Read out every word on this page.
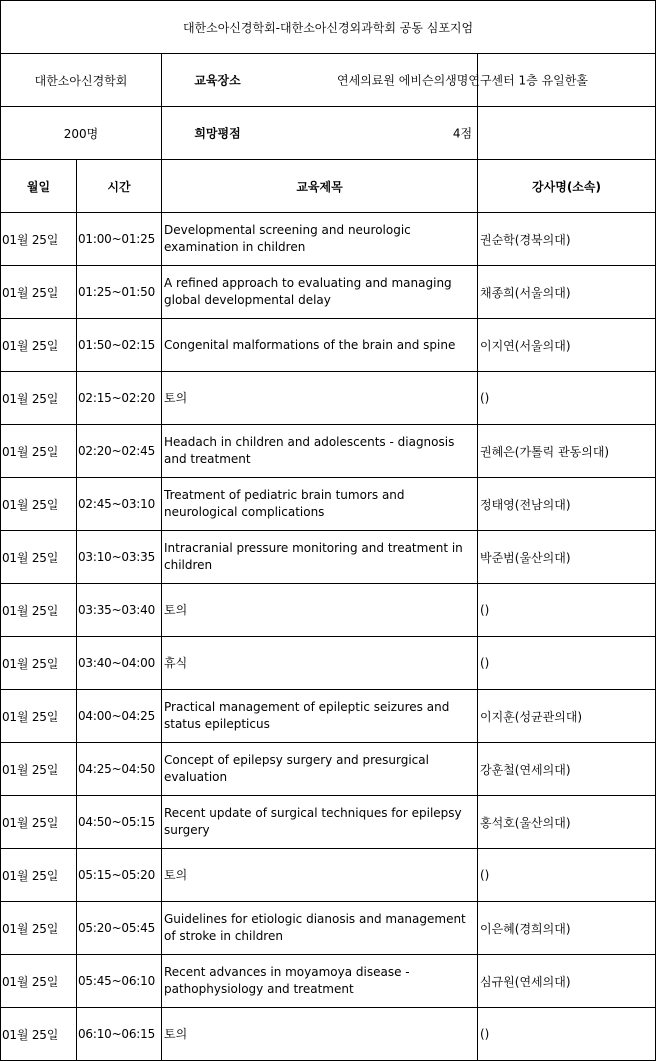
대한소아신경학회-대한소아신경외과학회 공동 심포지엄			
대한소아신경학회		교육장소 연세의료원 에비슨의생명연구센터 1층 유일한홀	

200명		희망평점 4점	

월일	시간	교육제목	강사명(소속)
01월 25일	01:00~01:25	Developmental screening and neurologic examination in children	권순학(경북의대)
01월 25일	01:25~01:50	A refined approach to evaluating and managing global developmental delay	채종희(서울의대)
01월 25일	01:50~02:15	Congenital malformations of the brain and spine	이지연(서울의대)
01월 25일	02:15~02:20	토의	()
01월 25일	02:20~02:45	Headach in children and adolescents - diagnosis and treatment	권혜은(가톨릭 관동의대)
01월 25일	02:45~03:10	Treatment of pediatric brain tumors and neurological complications	정태영(전남의대)
01월 25일	03:10~03:35	Intracranial pressure monitoring and treatment in children	박준범(울산의대)
01월 25일	03:35~03:40	토의	()
01월 25일	03:40~04:00	휴식	()
01월 25일	04:00~04:25	Practical management of epileptic seizures and status epilepticus	이지훈(성균관의대)
01월 25일	04:25~04:50	Concept of epilepsy surgery and presurgical evaluation	강훈철(연세의대)
01월 25일	04:50~05:15	Recent update of surgical techniques for epilepsy surgery	홍석호(울산의대)
01월 25일	05:15~05:20	토의	()
01월 25일	05:20~05:45	Guidelines for etiologic dianosis and management of stroke in children	이은혜(경희의대)
01월 25일	05:45~06:10	Recent advances in moyamoya disease - pathophysiology and treatment	심규원(연세의대)
01월 25일	06:10~06:15	토의	()
